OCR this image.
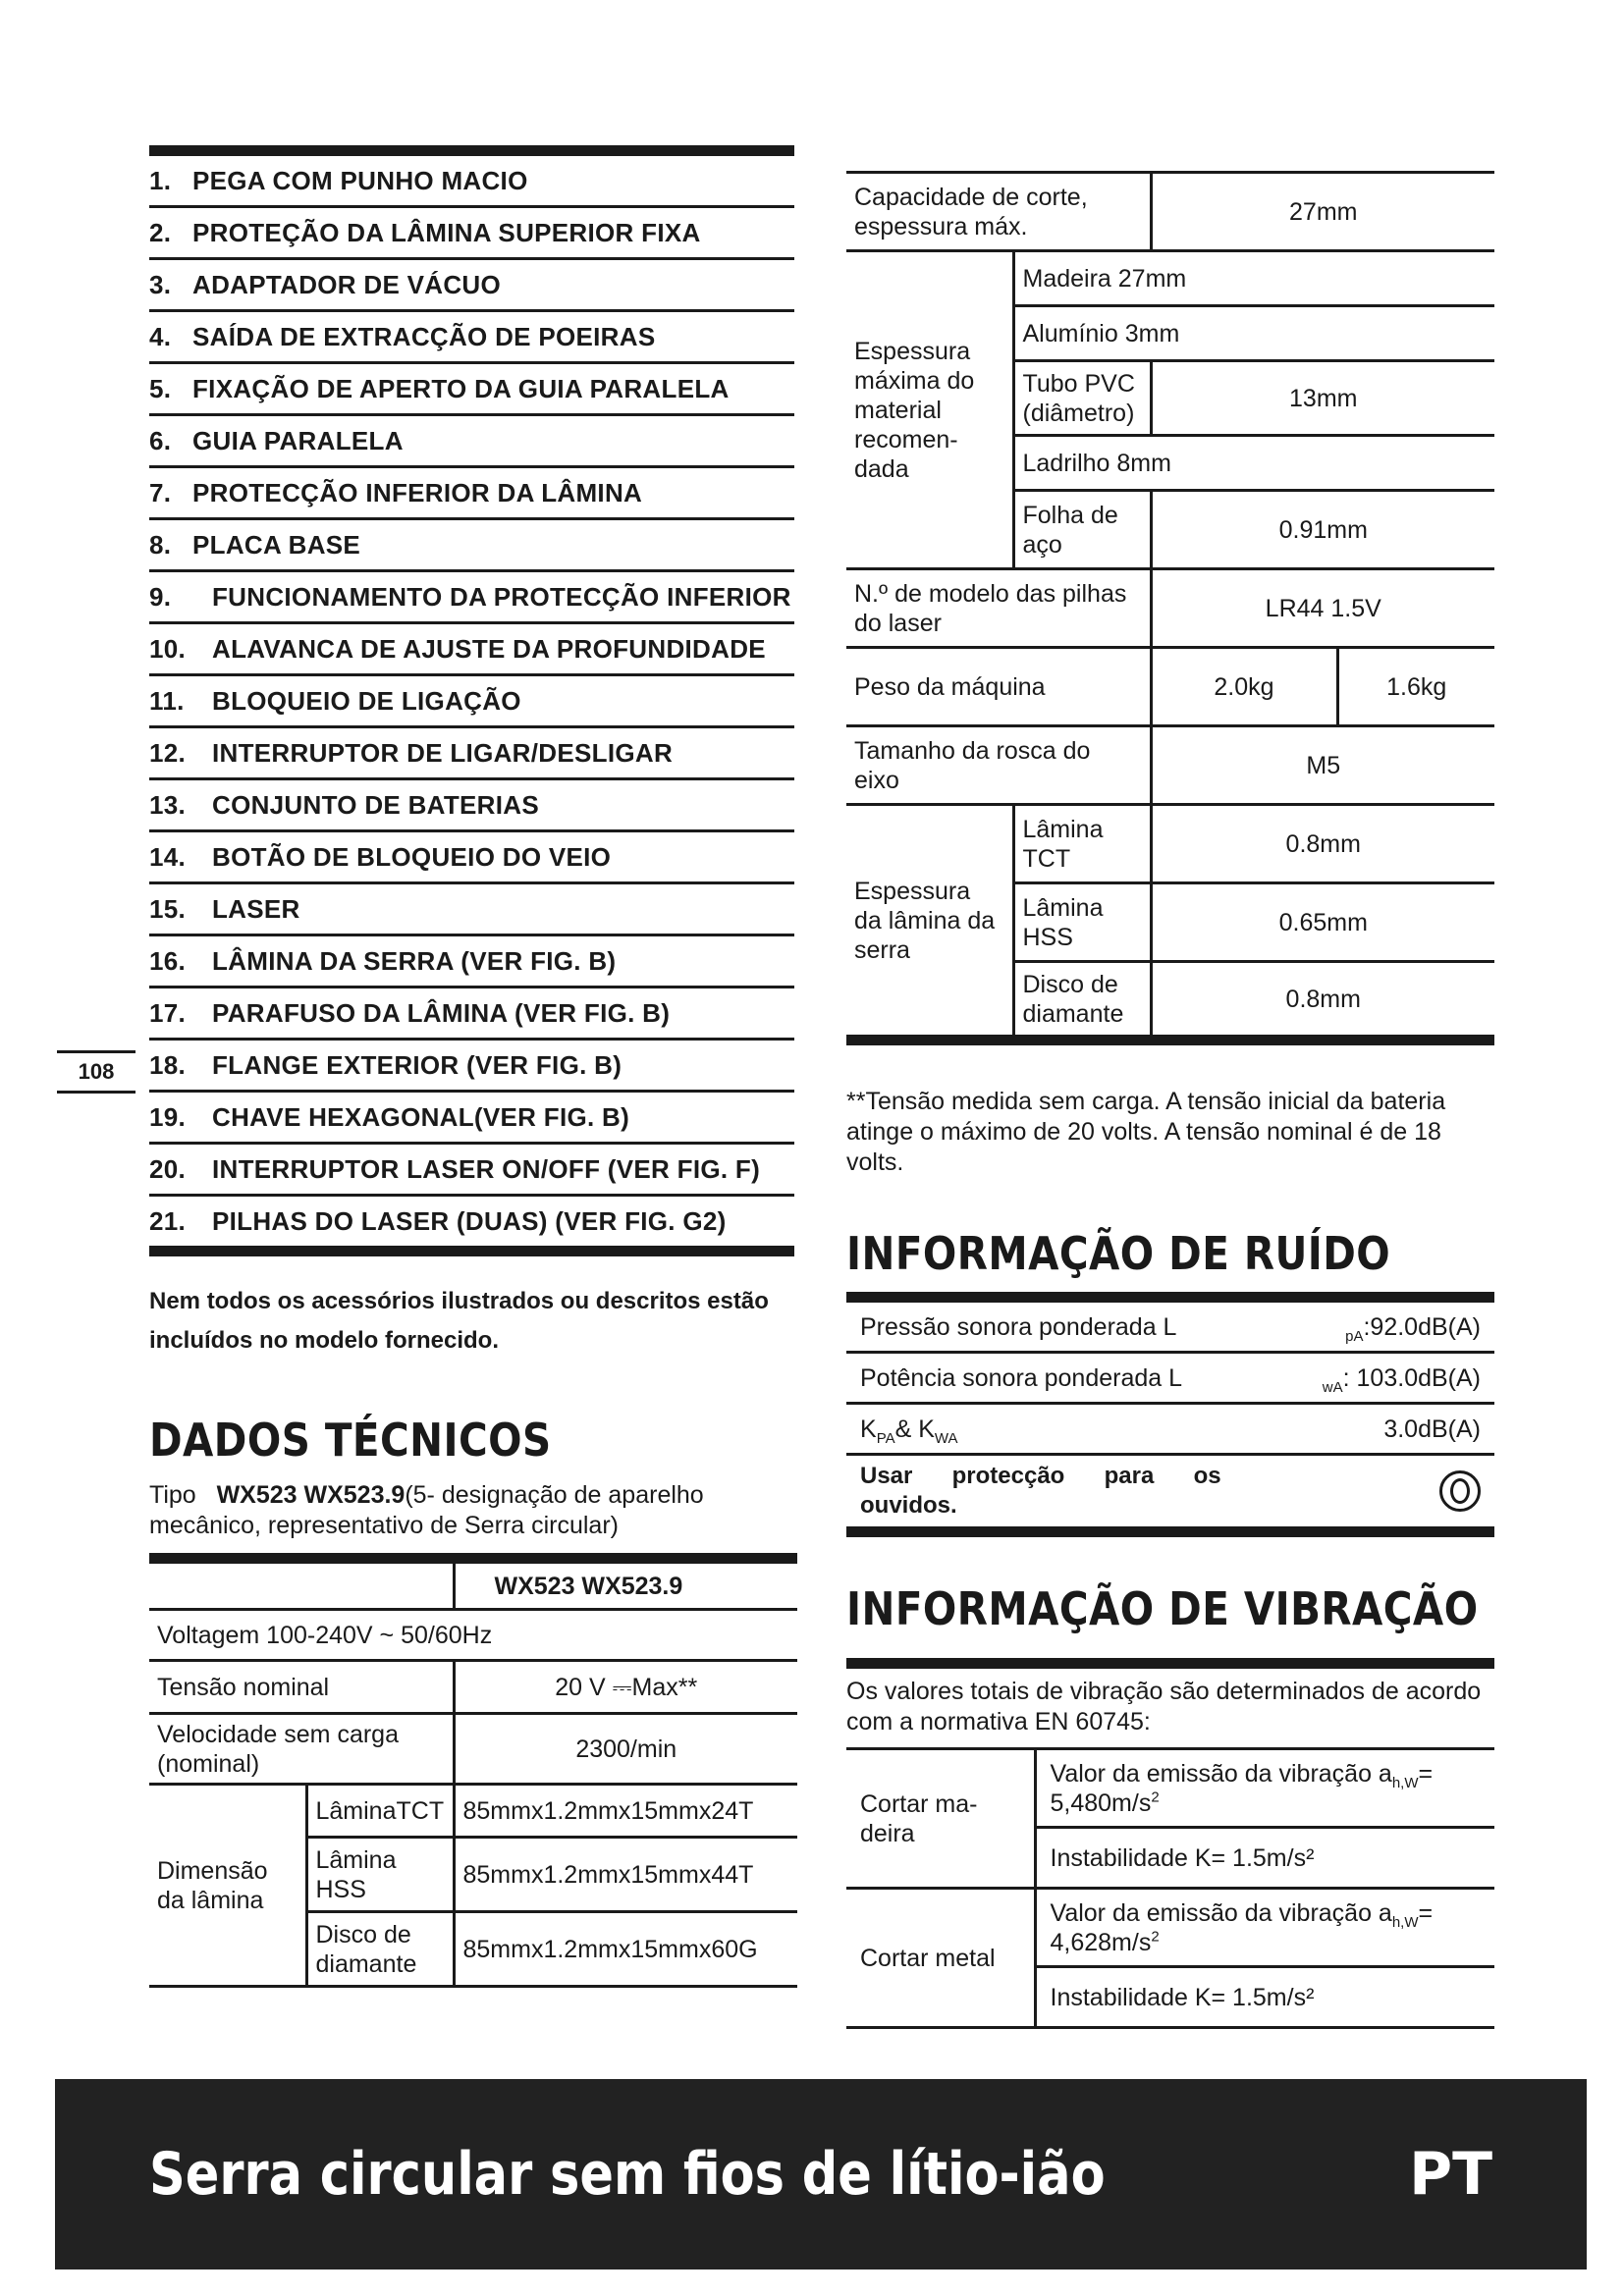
1. PEGA COM PUNHO MACIO
2. PROTEÇÃO DA LÂMINA SUPERIOR FIXA
3. ADAPTADOR DE VÁCUO
4. SAÍDA DE EXTRACÇÃO DE POEIRAS
5. FIXAÇÃO DE APERTO DA GUIA PARALELA
6. GUIA PARALELA
7. PROTECÇÃO INFERIOR DA LÂMINA
8. PLACA BASE
9.	FUNCIONAMENTO DA PROTECÇÃO INFERIOR
10.	ALAVANCA DE AJUSTE DA PROFUNDIDADE
11.	BLOQUEIO DE LIGAÇÃO
12.	INTERRUPTOR DE LIGAR/DESLIGAR
13.	CONJUNTO DE BATERIAS
14.	BOTÃO DE BLOQUEIO DO VEIO
15.	LASER
16.	LÂMINA DA SERRA (VER FIG. B)
17.	PARAFUSO DA LÂMINA (VER FIG. B)
18.	FLANGE EXTERIOR (VER FIG. B)
19.	CHAVE HEXAGONAL(VER FIG. B)
20.	INTERRUPTOR LASER ON/OFF (VER FIG. F)
21.	PILHAS DO LASER (DUAS) (VER FIG. G2)
Nem todos os acessórios ilustrados ou descritos estão incluídos no modelo fornecido.
108
DADOS TÉCNICOS
Tipo WX523 WX523.9(5- designação de aparelho mecânico, representativo de Serra circular)
		WX523 WX523.9
Voltagem 100-240V ~ 50/60Hz		
Tensão nominal		20 V ⎓Max**
Velocidade sem carga (nominal)		2300/min
Dimensão da lâmina	LâminaTCT	85mmx1.2mmx15mmx24T
	Lâmina HSS	85mmx1.2mmx15mmx44T
	Disco de diamante	85mmx1.2mmx15mmx60G
Capacidade de corte, espessura máx.		27mm	
Espessura máxima do material recomen-dada	Madeira 27mm		
	Alumínio 3mm		
	Tubo PVC (diâmetro)	13mm	
	Ladrilho 8mm		
	Folha de aço	0.91mm	
N.º de modelo das pilhas do laser		LR44 1.5V	
Peso da máquina		2.0kg	1.6kg
Tamanho da rosca do eixo		M5	
Espessura da lâmina da serra	Lâmina TCT	0.8mm	
	Lâmina HSS	0.65mm	
	Disco de diamante	0.8mm	
**Tensão medida sem carga. A tensão inicial da bateria atinge o máximo de 20 volts. A tensão nominal é de 18 volts.
INFORMAÇÃO DE RUÍDO
Pressão sonora ponderada L	$_{pA}$:92.0dB(A)
Potência sonora ponderada L	$_{wA}$: 103.0dB(A)
$K_{PA}\&$ $K_{WA}$	3.0dB(A)
Usar protecção para os ouvidos.	
INFORMAÇÃO DE VIBRAÇÃO
Os valores totais de vibração são determinados de acordo com a normativa EN 60745:
Cortar ma-deira	Valor da emissão da vibração $a_{h,W}= 5,480m/s^2$
	Instabilidade K= 1.5m/s²
Cortar metal	Valor da emissão da vibração $a_{h,W}= 4,628m/s^2$
	Instabilidade K= 1.5m/s²
Serra circular sem fios de lítio-ião	PT
